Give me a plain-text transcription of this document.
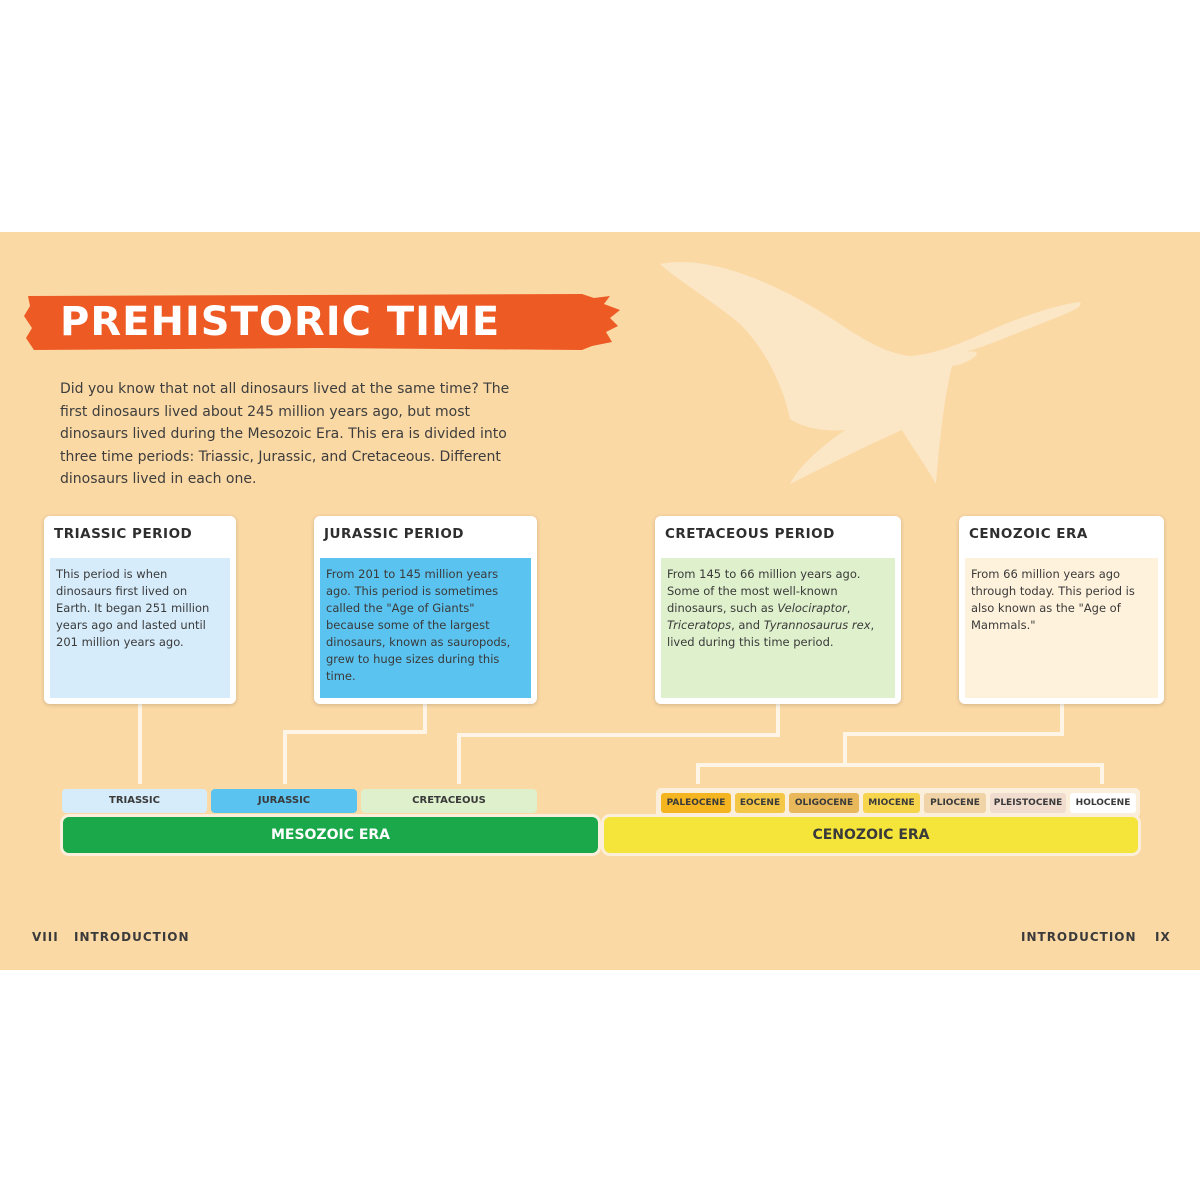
PREHISTORIC TIME

Did you know that not all dinosaurs lived at the same time? The first dinosaurs lived about 245 million years ago, but most dinosaurs lived during the Mesozoic Era. This era is divided into three time periods: Triassic, Jurassic, and Cretaceous. Different dinosaurs lived in each one.

TRIASSIC PERIOD
This period is when dinosaurs first lived on Earth. It began 251 million years ago and lasted until 201 million years ago.
JURASSIC PERIOD
From 201 to 145 million years ago. This period is sometimes called the "Age of Giants" because some of the largest dinosaurs, known as sauropods, grew to huge sizes during this time.
CRETACEOUS PERIOD
From 145 to 66 million years ago. Some of the most well-known dinosaurs, such as Velociraptor, Triceratops, and Tyrannosaurus rex, lived during this time period.
CENOZOIC ERA
From 66 million years ago through today. This period is also known as the "Age of Mammals."
TRIASSIC	JURASSIC	CRETACEOUS	PALEOCENE	EOCENE	OLIGOCENE	MIOCENE	PLIOCENE	PLEISTOCENE	HOLOCENE
MESOZOIC ERA	CENOZOIC ERA
VIII INTRODUCTION	INTRODUCTION IX
